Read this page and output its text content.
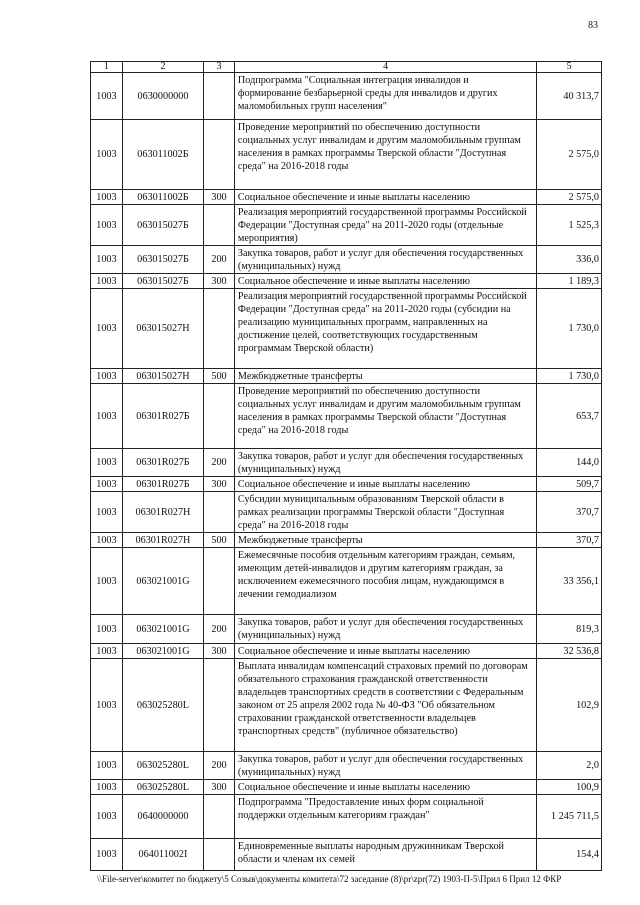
83
1	2	3	4	5
1003	0630000000		Подпрограмма "Социальная интеграция инвалидов и формирование безбарьерной среды для инвалидов и других маломобильных групп населения"	40 313,7
1003	063011002Б		Проведение мероприятий по обеспечению доступности социальных услуг инвалидам и другим маломобильным группам населения в рамках программы Тверской области "Доступная среда" на 2016-2018 годы	2 575,0
1003	063011002Б	300	Социальное обеспечение и иные выплаты населению	2 575,0
1003	063015027Б		Реализация мероприятий государственной программы Российской Федерации "Доступная среда" на 2011-2020 годы (отдельные мероприятия)	1 525,3
1003	063015027Б	200	Закупка товаров, работ и услуг для обеспечения государственных (муниципальных) нужд	336,0
1003	063015027Б	300	Социальное обеспечение и иные выплаты населению	1 189,3
1003	063015027Н		Реализация мероприятий государственной программы Российской Федерации "Доступная среда" на 2011-2020 годы (субсидии на реализацию муниципальных программ, направленных на достижение целей, соответствующих государственным программам Тверской области)	1 730,0
1003	063015027Н	500	Межбюджетные трансферты	1 730,0
1003	06301R027Б		Проведение мероприятий по обеспечению доступности социальных услуг инвалидам и другим маломобильным группам населения в рамках программы Тверской области "Доступная среда" на 2016-2018 годы	653,7
1003	06301R027Б	200	Закупка товаров, работ и услуг для обеспечения государственных (муниципальных) нужд	144,0
1003	06301R027Б	300	Социальное обеспечение и иные выплаты населению	509,7
1003	06301R027Н		Субсидии муниципальным образованиям Тверской области в рамках реализации программы Тверской области "Доступная среда" на 2016-2018 годы	370,7
1003	06301R027Н	500	Межбюджетные трансферты	370,7
1003	063021001G		Ежемесячные пособия отдельным категориям граждан, семьям, имеющим детей-инвалидов и другим категориям граждан, за исключением ежемесячного пособия лицам, нуждающимся в лечении гемодиализом	33 356,1
1003	063021001G	200	Закупка товаров, работ и услуг для обеспечения государственных (муниципальных) нужд	819,3
1003	063021001G	300	Социальное обеспечение и иные выплаты населению	32 536,8
1003	063025280L		Выплата инвалидам компенсаций страховых премий по договорам обязательного страхования гражданской ответственности владельцев транспортных средств в соответствии с Федеральным законом от 25 апреля 2002 года № 40-ФЗ "Об обязательном страховании гражданской ответственности владельцев транспортных средств" (публичное обязательство)	102,9
1003	063025280L	200	Закупка товаров, работ и услуг для обеспечения государственных (муниципальных) нужд	2,0
1003	063025280L	300	Социальное обеспечение и иные выплаты населению	100,9
1003	0640000000		Подпрограмма "Предоставление иных форм социальной поддержки отдельным категориям граждан"	1 245 711,5
1003	064011002I		Единовременные выплаты народным дружинникам Тверской области и членам их семей	154,4
\\File-server\комитет по бюджету\5 Созыв\документы комитета\72 заседание (8)\pr\zpr(72) 1903-П-5\Прил 6 Прил 12 ФКР
